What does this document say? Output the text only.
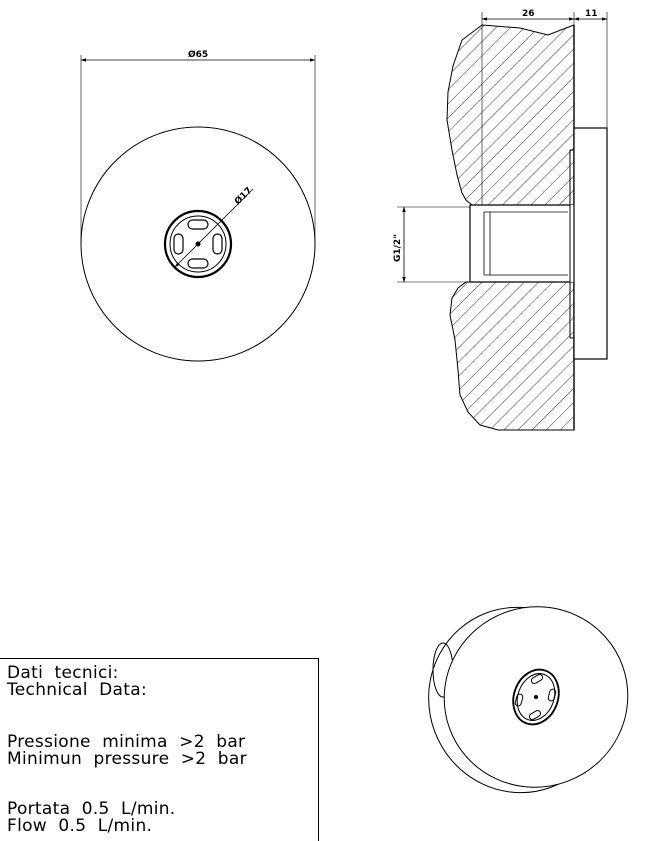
Ø65
Ø17
26	11
G1/2"
Dati  tecnici:
Technical  Data:
Pressione  minima  >2  bar
Minimun  pressure  >2  bar
Portata  0.5  L/min.
Flow  0.5  L/min.
